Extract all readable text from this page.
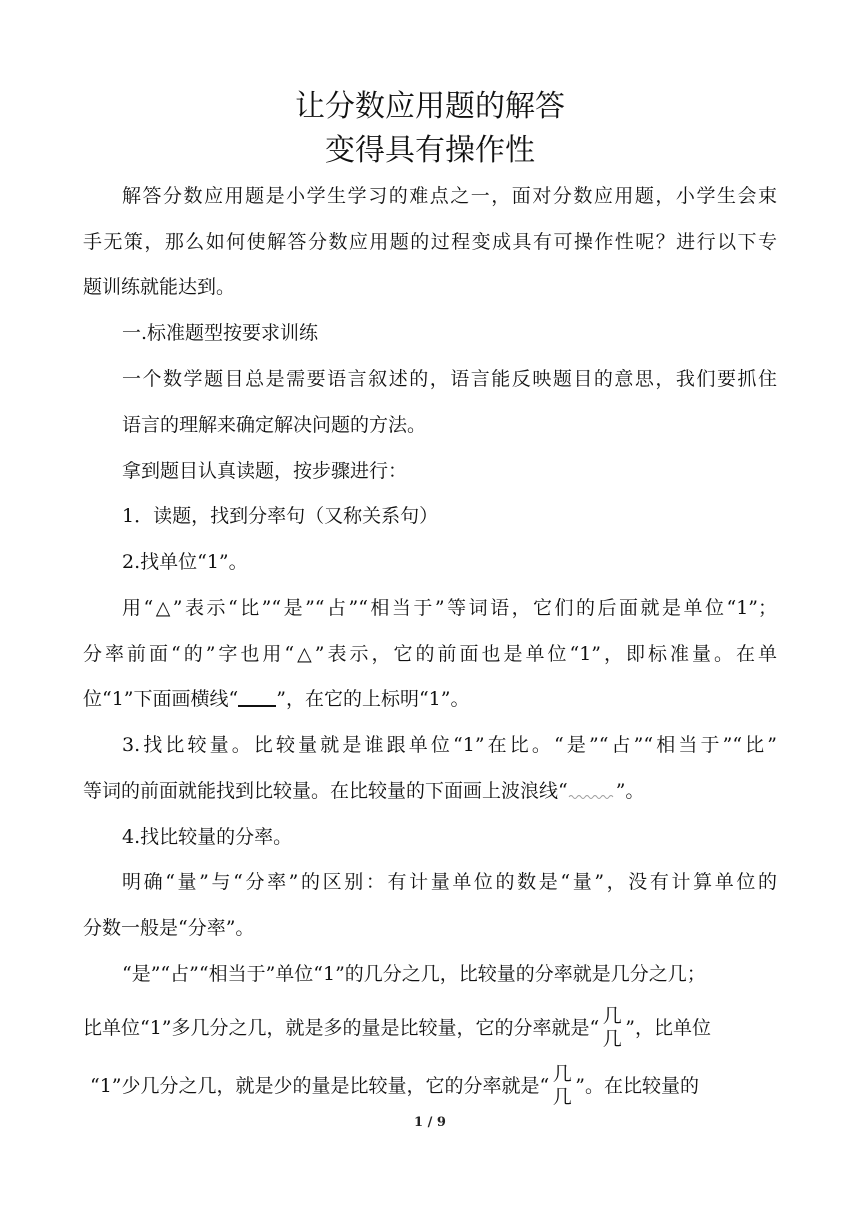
让分数应用题的解答
变得具有操作性
解答分数应用题是小学生学习的难点之一，面对分数应用题，小学生会束
手无策，那么如何使解答分数应用题的过程变成具有可操作性呢？进行以下专
题训练就能达到。
一.标准题型按要求训练
一个数学题目总是需要语言叙述的，语言能反映题目的意思，我们要抓住
语言的理解来确定解决问题的方法。
拿到题目认真读题，按步骤进行：
1．读题，找到分率句（又称关系句）
2.找单位“1”。
用“△”表示“比”“是”“占”“相当于”等词语，它们的后面就是单位“1”；
分率前面“的”字也用“△”表示，它的前面也是单位“1”，即标准量。在单
位“1”下面画横线“ ”，在它的上标明“1”。
3.找比较量。比较量就是谁跟单位“1”在比。“是”“占”“相当于”“比”
等词的前面就能找到比较量。在比较量的下面画上波浪线“	”。
4.找比较量的分率。
明确“量”与“分率”的区别：有计量单位的数是“量”，没有计算单位的
分数一般是“分率”。
“是”“占”“相当于”单位“1”的几分之几，比较量的分率就是几分之几；
比单位“1”多几分之几，就是多的量是比较量，它的分率就是“ $\frac{\text{几}}{\text{几}}$ ”，比单位
“1”少几分之几，就是少的量是比较量，它的分率就是“ $\frac{\text{几}}{\text{几}}$ ”。在比较量的
1 / 9
